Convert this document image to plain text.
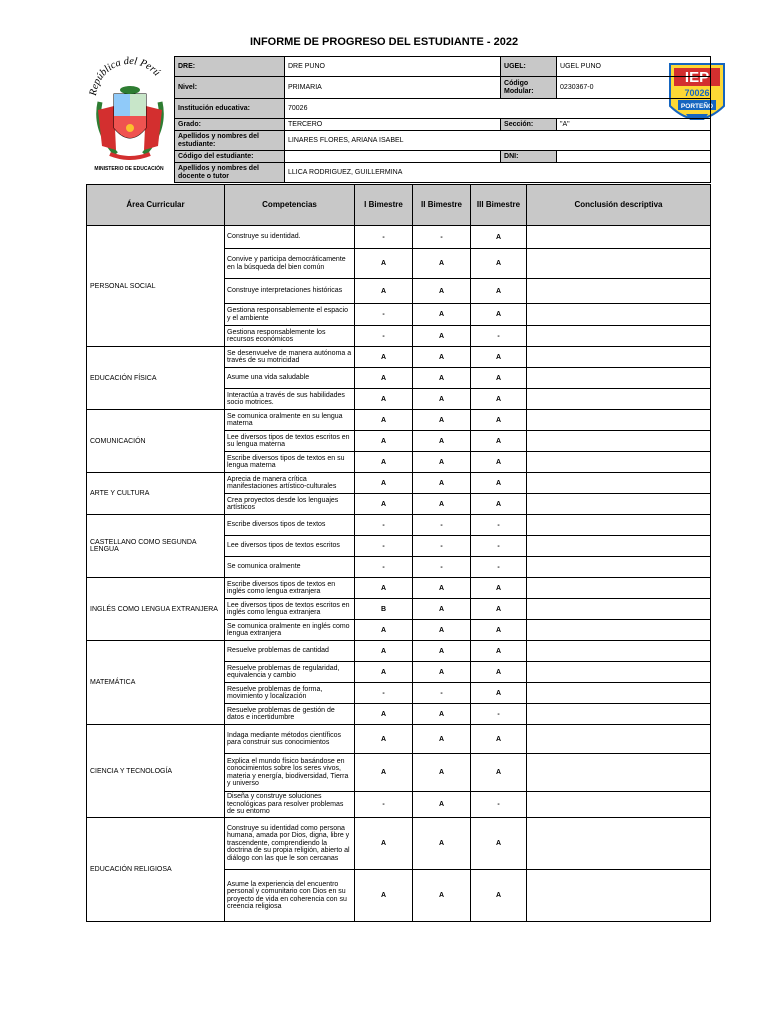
INFORME DE PROGRESO DEL ESTUDIANTE - 2022
República del Perú
MINISTERIO DE EDUCACIÓN
IEP
70026
PORTEÑO
DRE:	DRE PUNO	UGEL:	UGEL PUNO
Nivel:	PRIMARIA	Código Modular:	0230367-0
Institución educativa:	70026		
Grado:	TERCERO	Sección:	"A"
Apellidos y nombres del estudiante:	LINARES FLORES, ARIANA ISABEL		
Código del estudiante:		DNI:	
Apellidos y nombres del docente o tutor	LLICA RODRIGUEZ, GUILLERMINA		
Área Curricular	Competencias	I Bimestre	II Bimestre	III Bimestre	Conclusión descriptiva
PERSONAL SOCIAL	Construye su identidad.	-	-	A	
	Convive y participa democráticamente en la búsqueda del bien común	A	A	A	
	Construye interpretaciones históricas	A	A	A	
	Gestiona responsablemente el espacio y el ambiente	-	A	A	
	Gestiona responsablemente los recursos económicos	-	A	-	
EDUCACIÓN FÍSICA	Se desenvuelve de manera autónoma a través de su motricidad	A	A	A	
	Asume una vida saludable	A	A	A	
	Interactúa a través de sus habilidades socio motrices.	A	A	A	
COMUNICACIÓN	Se comunica oralmente en su lengua materna	A	A	A	
	Lee diversos tipos de textos escritos en su lengua materna	A	A	A	
	Escribe diversos tipos de textos en su lengua materna	A	A	A	
ARTE Y CULTURA	Aprecia de manera crítica manifestaciones artístico-culturales	A	A	A	
	Crea proyectos desde los lenguajes artísticos	A	A	A	
CASTELLANO COMO SEGUNDA LENGUA	Escribe diversos tipos de textos	-	-	-	
	Lee diversos tipos de textos escritos	-	-	-	
	Se comunica oralmente	-	-	-	
INGLÉS COMO LENGUA EXTRANJERA	Escribe diversos tipos de textos en inglés como lengua extranjera	A	A	A	
	Lee diversos tipos de textos escritos en inglés como lengua extranjera	B	A	A	
	Se comunica oralmente en inglés como lengua extranjera	A	A	A	
MATEMÁTICA	Resuelve problemas de cantidad	A	A	A	
	Resuelve problemas de regularidad, equivalencia y cambio	A	A	A	
	Resuelve problemas de forma, movimiento y localización	-	-	A	
	Resuelve problemas de gestión de datos e incertidumbre	A	A	-	
CIENCIA Y TECNOLOGÍA	Indaga mediante métodos científicos para construir sus conocimientos	A	A	A	
	Explica el mundo físico basándose en conocimientos sobre los seres vivos, materia y energía, biodiversidad, Tierra y universo	A	A	A	
	Diseña y construye soluciones tecnológicas para resolver problemas de su entorno	-	A	-	
EDUCACIÓN RELIGIOSA	Construye su identidad como persona humana, amada por Dios, digna, libre y trascendente, comprendiendo la doctrina de su propia religión, abierto al diálogo con las que le son cercanas	A	A	A	
	Asume la experiencia del encuentro personal y comunitario con Dios en su proyecto de vida en coherencia con su creencia religiosa	A	A	A	
